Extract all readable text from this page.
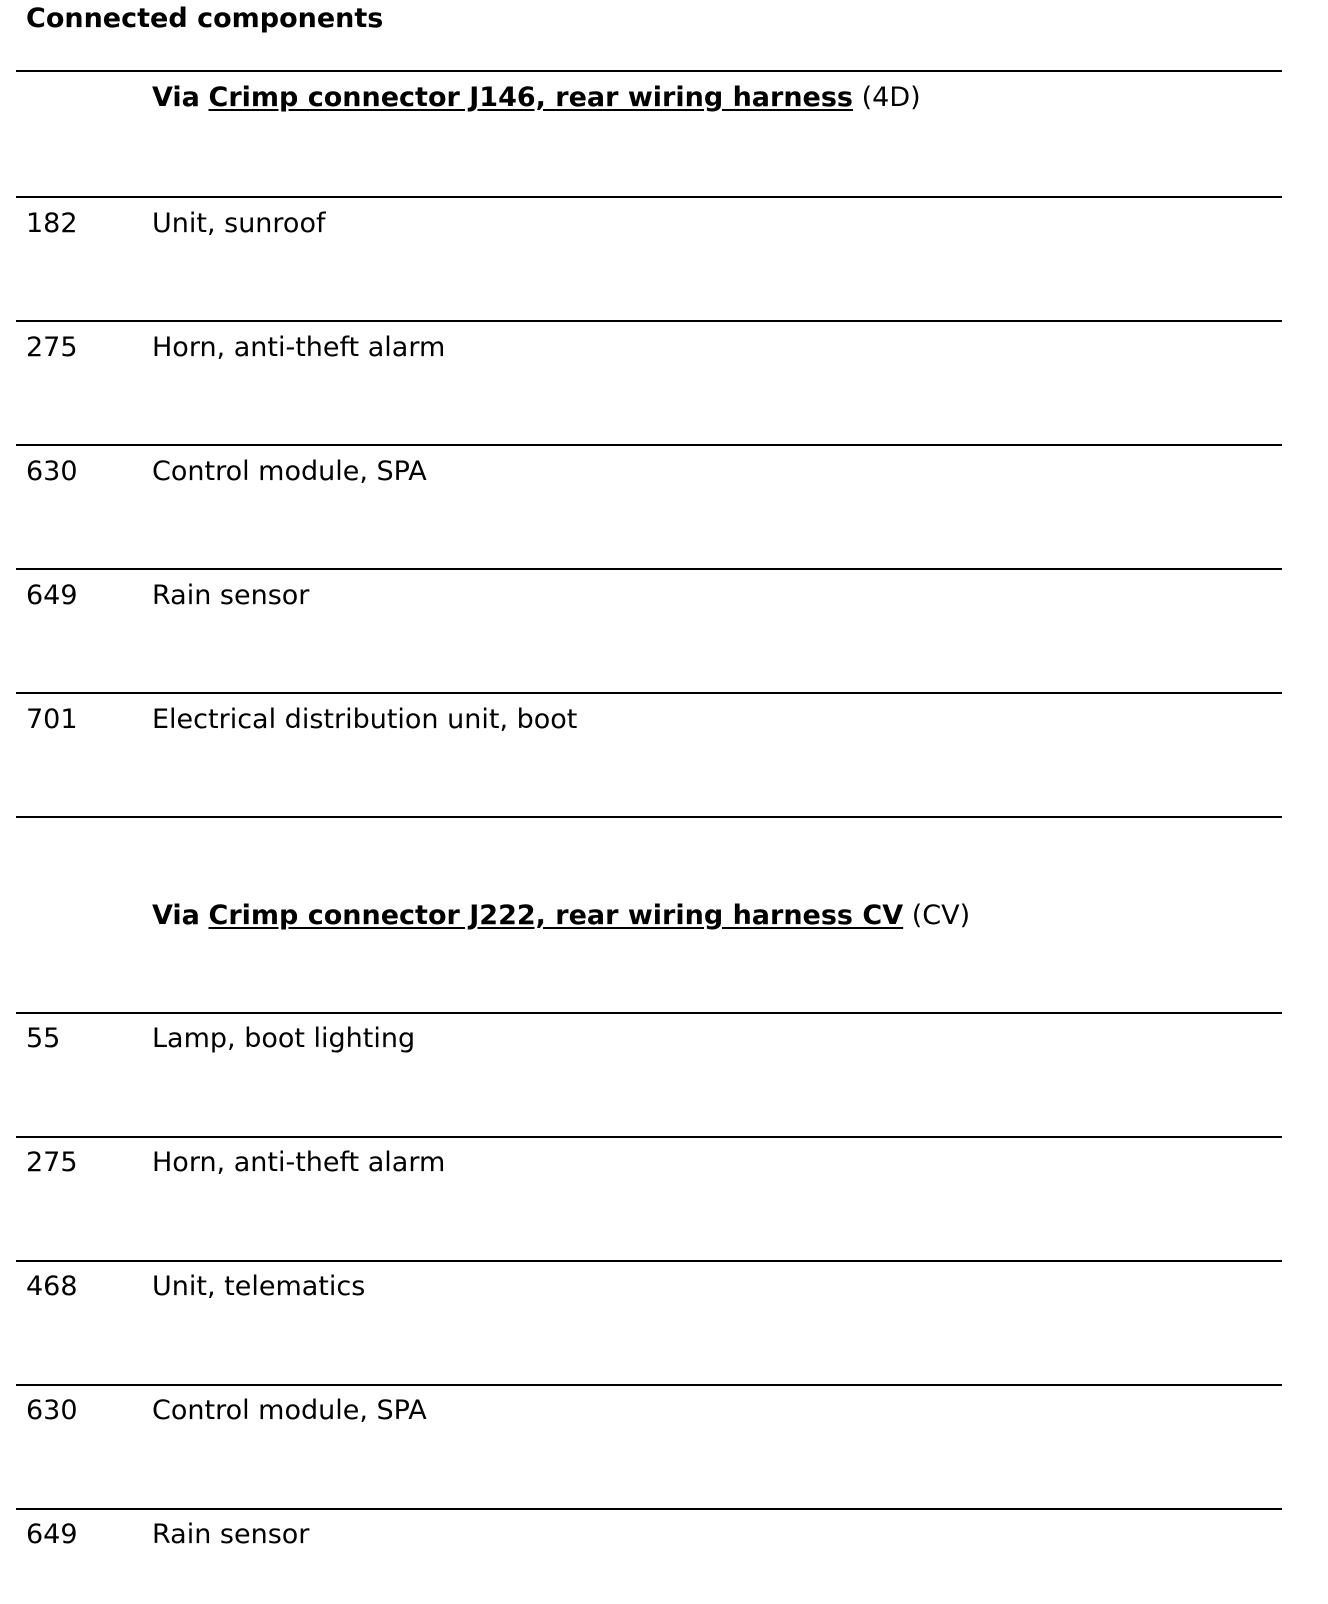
Connected components
Via Crimp connector J146, rear wiring harness (4D)
182	Unit, sunroof
275	Horn, anti-theft alarm
630	Control module, SPA
649	Rain sensor
701	Electrical distribution unit, boot
Via Crimp connector J222, rear wiring harness CV (CV)
55	Lamp, boot lighting
275	Horn, anti-theft alarm
468	Unit, telematics
630	Control module, SPA
649	Rain sensor
